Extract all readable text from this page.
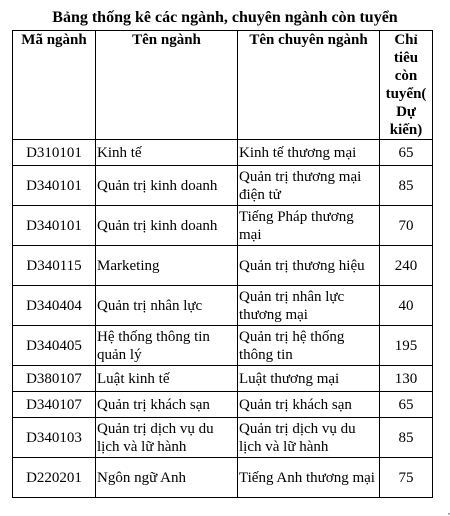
Bảng thống kê các ngành, chuyên ngành còn tuyển
Mã ngành	Tên ngành	Tên chuyên ngành	Chỉ tiêu còn tuyển(Dự kiến)
D310101	Kinh tế	Kinh tế thương mại	65
D340101	Quản trị kinh doanh	Quản trị thương mại điện tử	85
D340101	Quản trị kinh doanh	Tiếng Pháp thương mại	70
D340115	Marketing	Quản trị thương hiệu	240
D340404	Quản trị nhân lực	Quản trị nhân lực thương mại	40
D340405	Hệ thống thông tin quản lý	Quản trị hệ thống thông tin	195
D380107	Luật kinh tế	Luật thương mại	130
D340107	Quản trị khách sạn	Quản trị khách sạn	65
D340103	Quản trị dịch vụ du lịch và lữ hành	Quản trị dịch vụ du lịch và lữ hành	85
D220201	Ngôn ngữ Anh	Tiếng Anh thương mại	75
,
